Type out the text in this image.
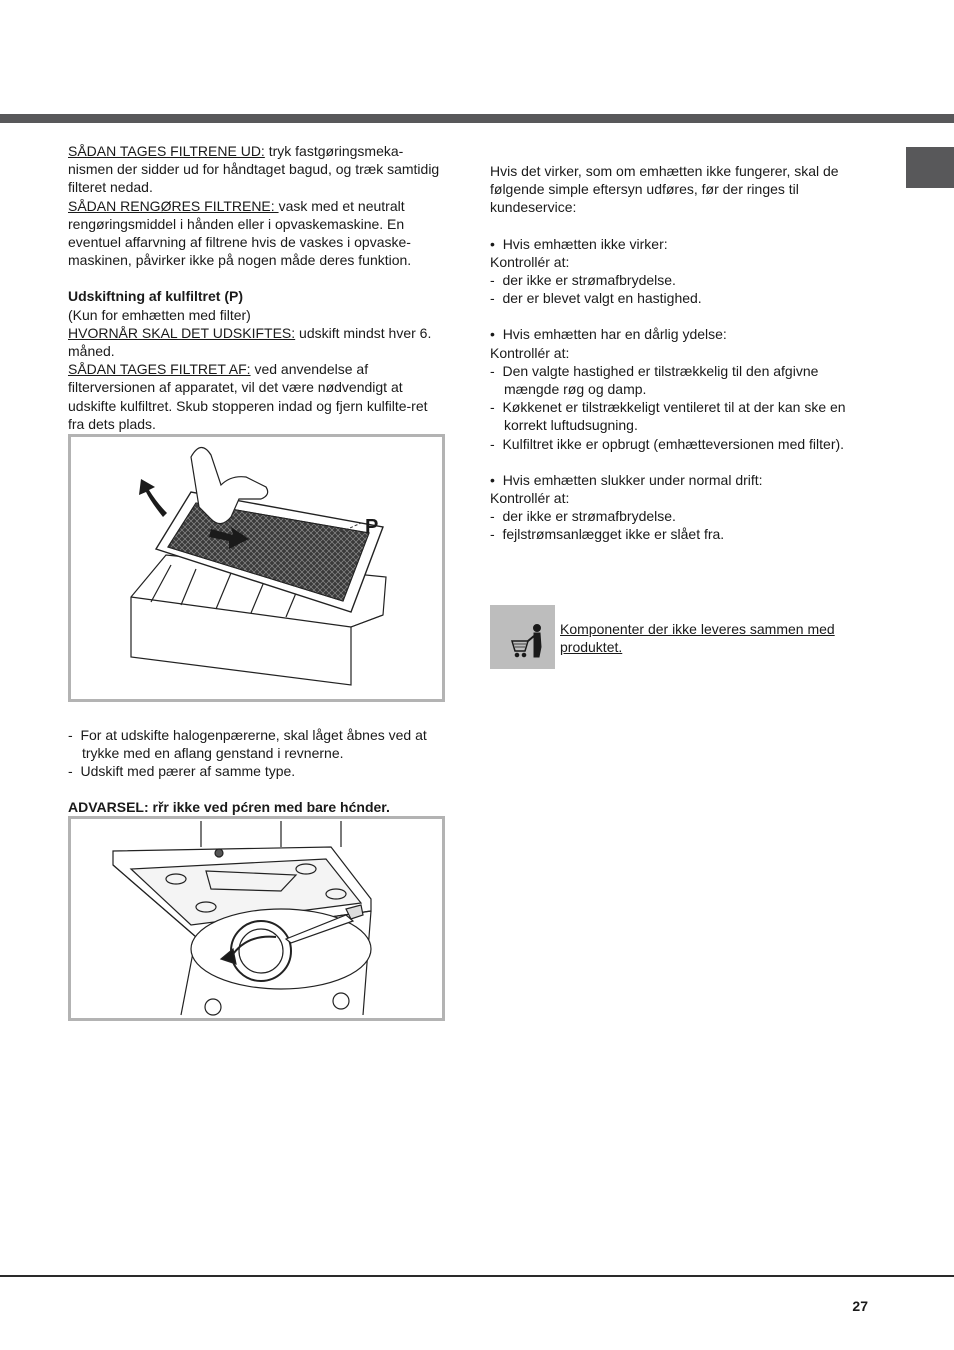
SÅDAN TAGES FILTRENE UD: tryk fastgøringsmeka-nismen der sidder ud for håndtaget bagud, og træk samtidig filteret nedad.

SÅDAN RENGØRES FILTRENE: vask med et neutralt rengøringsmiddel i hånden eller i opvaskemaskine. En eventuel affarvning af filtrene hvis de vaskes i opvaske-maskinen, påvirker ikke på nogen måde deres funktion.

Udskiftning af kulfiltret (P)

(Kun for emhætten med filter)

HVORNÅR SKAL DET UDSKIFTES: udskift mindst hver 6. måned.

SÅDAN TAGES FILTRET AF: ved anvendelse af filterversionen af apparatet, vil det være nødvendigt at udskifte kulfiltret. Skub stopperen indad og fjern kulfilte-ret fra dets plads.

P

-  For at udskifte halogenpærerne, skal låget åbnes ved at trykke med en aflang genstand i revnerne.

-  Udskift med pærer af samme type.

ADVARSEL: rřr ikke ved pćren med bare hćnder.

Hvis det virker, som om emhætten ikke fungerer, skal de følgende simple eftersyn udføres, før der ringes til kundeservice:

•  Hvis emhætten ikke virker:

Kontrollér at:

-  der ikke er strømafbrydelse.

-  der er blevet valgt en hastighed.

•  Hvis emhætten har en dårlig ydelse:

Kontrollér at:

-  Den valgte hastighed er tilstrækkelig til den afgivne mængde røg og damp.

-  Køkkenet er tilstrækkeligt ventileret til at der kan ske en korrekt luftudsugning.

-  Kulfiltret ikke er opbrugt (emhætteversionen med filter).

•  Hvis emhætten slukker under normal drift:

Kontrollér at:

-  der ikke er strømafbrydelse.

-  fejlstrømsanlægget ikke er slået fra.

Komponenter der ikke leveres sammen med produktet.
27
